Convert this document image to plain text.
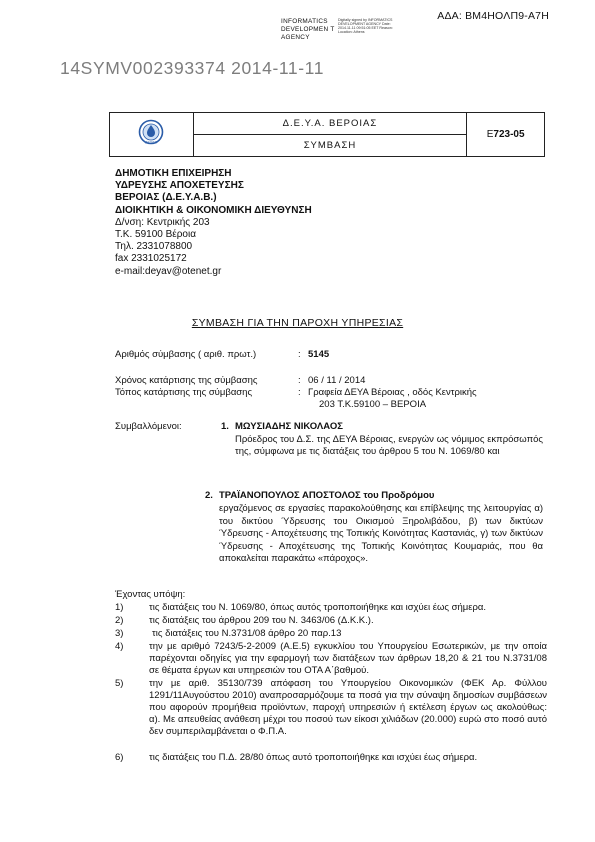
ΑΔΑ: ΒΜ4ΗΟΛΠ9-Α7Η
INFORMATICS DEVELOPMEN T AGENCY
Digitally signed by INFORMATICS DEVELOPMENT AGENCY Date: 2014.11.11 09:51:05 EET Reason: Location: Athens
14SYMV002393374 2014-11-11
ΔΕΥΑΒ
	Δ.Ε.Υ.Α. ΒΕΡΟΙΑΣ	Ε723-05
ΣΥΜΒΑΣΗ
ΔΗΜΟΤΙΚΗ ΕΠΙΧΕΙΡΗΣΗ
ΥΔΡΕΥΣΗΣ ΑΠΟΧΕΤΕΥΣΗΣ
ΒΕΡΟΙΑΣ (Δ.Ε.Υ.Α.Β.)
ΔΙΟΙΚΗΤΙΚΗ & ΟΙΚΟΝΟΜΙΚΗ ΔΙΕΥΘΥΝΣΗ
Δ/νση: Κεντρικής 203
Τ.Κ. 59100 Βέροια
Τηλ. 2331078800
fax 2331025172
e-mail:deyav@otenet.gr
ΣΥΜΒΑΣΗ ΓΙΑ ΤΗΝ ΠΑΡΟΧΗ ΥΠΗΡΕΣΙΑΣ
Αριθμός σύμβασης ( αριθ. πρωτ.)	: 5145
Χρόνος κατάρτισης της σύμβασης	: 06 / 11 / 2014
Τόπος κατάρτισης της σύμβασης	: Γραφεία ΔΕΥΑ Βέροιας , οδός Κεντρικής
203 Τ.Κ.59100 – ΒΕΡΟΙΑ
Συμβαλλόμενοι:	1. ΜΩΥΣΙΑΔΗΣ ΝΙΚΟΛΑΟΣ
Πρόεδρος του Δ.Σ. της ΔΕΥΑ Βέροιας, ενεργών ως νόμιμος εκπρόσωπός της, σύμφωνα με τις διατάξεις του άρθρου 5 του Ν. 1069/80 και
2. ΤΡΑΪΑΝΟΠΟΥΛΟΣ ΑΠΟΣΤΟΛΟΣ του Προδρόμου
εργαζόμενος σε εργασίες παρακολούθησης και επίβλεψης της λειτουργίας α) του δικτύου Ύδρευσης του Οικισμού Ξηρολιβάδου, β) των δικτύων Ύδρευσης - Αποχέτευσης της Τοπικής Κοινότητας Καστανιάς, γ) των δικτύων Ύδρευσης - Αποχέτευσης της Τοπικής Κοινότητας Κουμαριάς, που θα αποκαλείται παρακάτω «πάροχος».
Έχοντας υπόψη:
1)	τις διατάξεις του Ν. 1069/80, όπως αυτός τροποποιήθηκε και ισχύει έως σήμερα.
2)	τις διατάξεις του άρθρου 209 του Ν. 3463/06 (Δ.Κ.Κ.).
3)	τις διατάξεις του Ν.3731/08 άρθρο 20 παρ.13
4)	την με αριθμό 7243/5-2-2009 (Α.Ε.5) εγκυκλίου του Υπουργείου Εσωτερικών, με την οποία παρέχονται οδηγίες για την εφαρμογή των διατάξεων των άρθρων 18,20 & 21 του Ν.3731/08 σε θέματα έργων και υπηρεσιών του ΟΤΑ Α΄βαθμού.
5)	την με αριθ. 35130/739 απόφαση του Υπουργείου Οικονομικών (ΦΕΚ Αρ. Φύλλου 1291/11Αυγούστου 2010) αναπροσαρμόζουμε τα ποσά για την σύναψη δημοσίων συμβάσεων που αφορούν προμήθεια προϊόντων, παροχή υπηρεσιών ή εκτέλεση έργων ως ακολούθως: α). Με απευθείας ανάθεση μέχρι του ποσού των είκοσι χιλιάδων (20.000) ευρώ στο ποσό αυτό δεν συμπεριλαμβάνεται ο Φ.Π.Α.
6)	τις διατάξεις του Π.Δ. 28/80 όπως αυτό τροποποιήθηκε και ισχύει έως σήμερα.
